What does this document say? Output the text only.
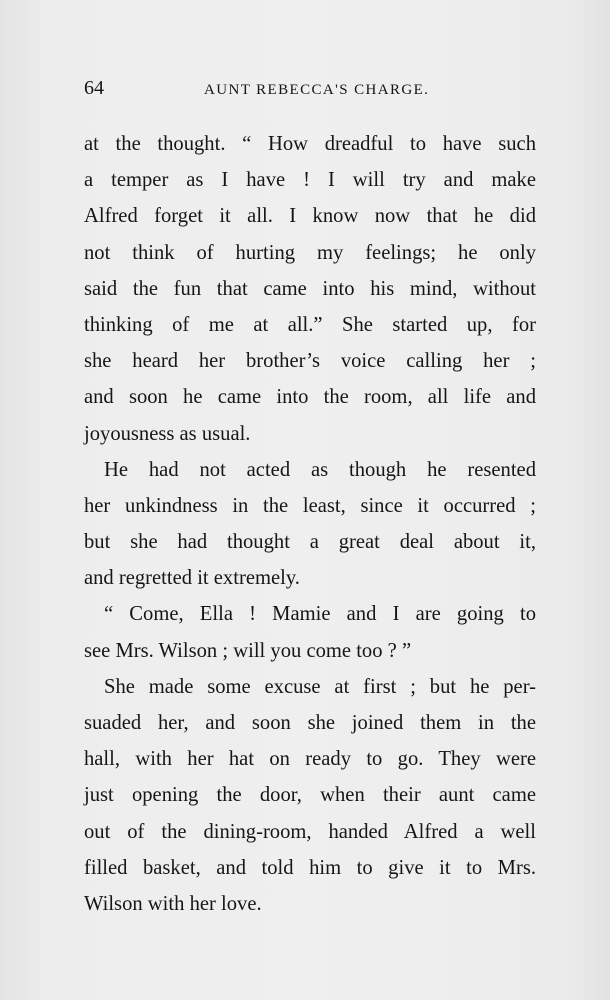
64	AUNT REBECCA'S CHARGE.
at the thought. “ How dreadful to have such
a temper as I have ! I will try and make
Alfred forget it all. I know now that he did
not think of hurting my feelings; he only
said the fun that came into his mind, without
thinking of me at all.” She started up, for
she heard her brother’s voice calling her ;
and soon he came into the room, all life and
joyousness as usual.
He had not acted as though he resented
her unkindness in the least, since it occurred ;
but she had thought a great deal about it,
and regretted it extremely.
“ Come, Ella ! Mamie and I are going to
see Mrs. Wilson ; will you come too ? ”
She made some excuse at first ; but he per-
suaded her, and soon she joined them in the
hall, with her hat on ready to go. They were
just opening the door, when their aunt came
out of the dining-room, handed Alfred a well
filled basket, and told him to give it to Mrs.
Wilson with her love.
